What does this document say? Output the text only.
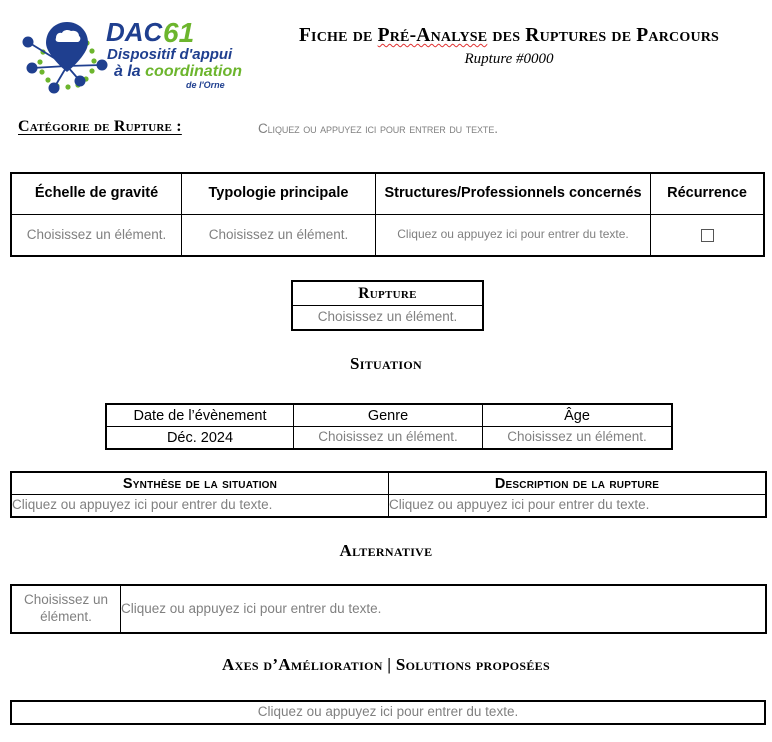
DAC 61
Dispositif d'appui
à la coordination
de l'Orne
Fiche de Pré-Analyse des Ruptures de Parcours
Rupture #0000
Catégorie de Rupture :	Cliquez ou appuyez ici pour entrer du texte.
Échelle de gravité	Typologie principale	Structures/Professionnels concernés	Récurrence
Choisissez un élément.	Choisissez un élément.	Cliquez ou appuyez ici pour entrer du texte.	
Rupture
Choisissez un élément.
Situation
Date de l’évènement	Genre	Âge
Déc. 2024	Choisissez un élément.	Choisissez un élément.
Synthèse de la situation	Description de la rupture
Cliquez ou appuyez ici pour entrer du texte.	Cliquez ou appuyez ici pour entrer du texte.
Alternative
Choisissez un élément.	Cliquez ou appuyez ici pour entrer du texte.
Axes d’Amélioration | Solutions proposées
Cliquez ou appuyez ici pour entrer du texte.
